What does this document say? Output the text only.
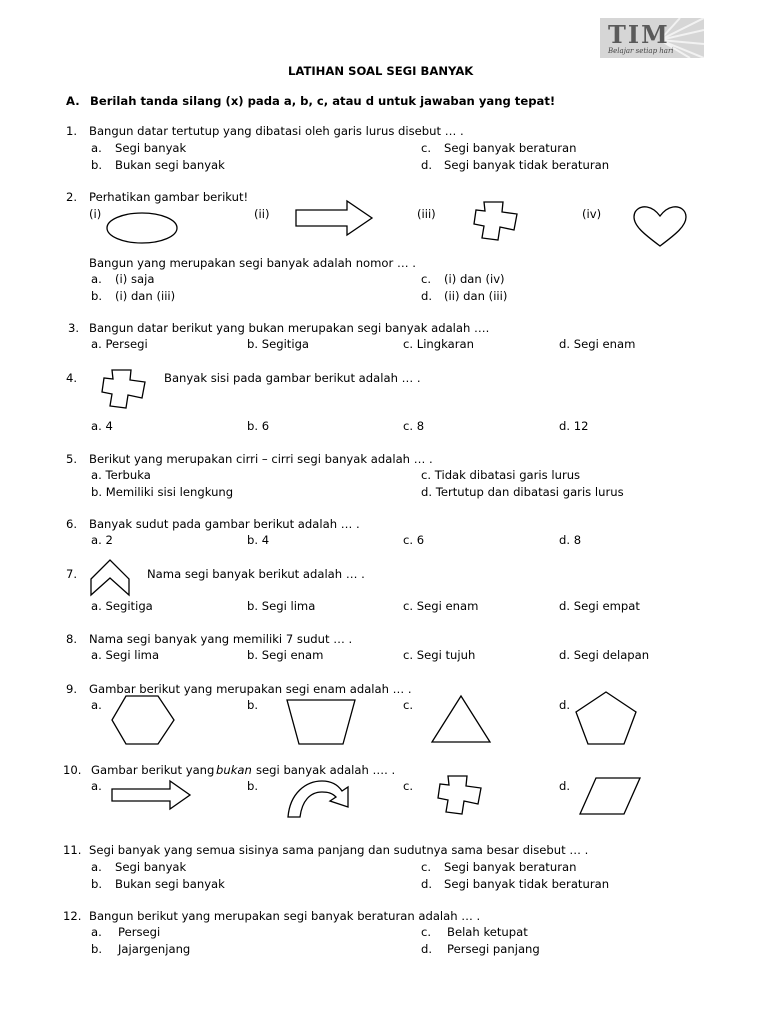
TIM
Belajar setiap hari
LATIHAN SOAL SEGI BANYAK
A. Berilah tanda silang (x) pada a, b, c, atau d untuk jawaban yang tepat!
1. Bangun datar tertutup yang dibatasi oleh garis lurus disebut … .
a. Segi banyak
b. Bukan segi banyak
c. Segi banyak beraturan
d. Segi banyak tidak beraturan
2. Perhatikan gambar berikut!
(i)	(ii)	(iii)	(iv)
Bangun yang merupakan segi banyak adalah nomor … .
a. (i) saja
b. (i) dan (iii)
c. (i) dan (iv)
d. (ii) dan (iii)
3. Bangun datar berikut yang bukan merupakan segi banyak adalah ….
a. Persegi	b. Segitiga	c. Lingkaran	d. Segi enam
4.	Banyak sisi pada gambar berikut adalah … .
a. 4	b. 6	c. 8	d. 12
5. Berikut yang merupakan cirri – cirri segi banyak adalah … .
a. Terbuka
b. Memiliki sisi lengkung
c. Tidak dibatasi garis lurus
d. Tertutup dan dibatasi garis lurus
6. Banyak sudut pada gambar berikut adalah … .
a. 2	b. 4	c. 6	d. 8
7.	Nama segi banyak berikut adalah … .
a. Segitiga	b. Segi lima	c. Segi enam	d. Segi empat
8. Nama segi banyak yang memiliki 7 sudut … .
a. Segi lima	b. Segi enam	c. Segi tujuh	d. Segi delapan
9. Gambar berikut yang merupakan segi enam adalah … .
a.	b.	c.	d.
10. Gambar berikut yang bukan segi banyak adalah …. .
a.	b.	c.	d.
11. Segi banyak yang semua sisinya sama panjang dan sudutnya sama besar disebut … .
a. Segi banyak
b. Bukan segi banyak
c. Segi banyak beraturan
d. Segi banyak tidak beraturan
12. Bangun berikut yang merupakan segi banyak beraturan adalah … .
a. Persegi
b. Jajargenjang
c. Belah ketupat
d. Persegi panjang
